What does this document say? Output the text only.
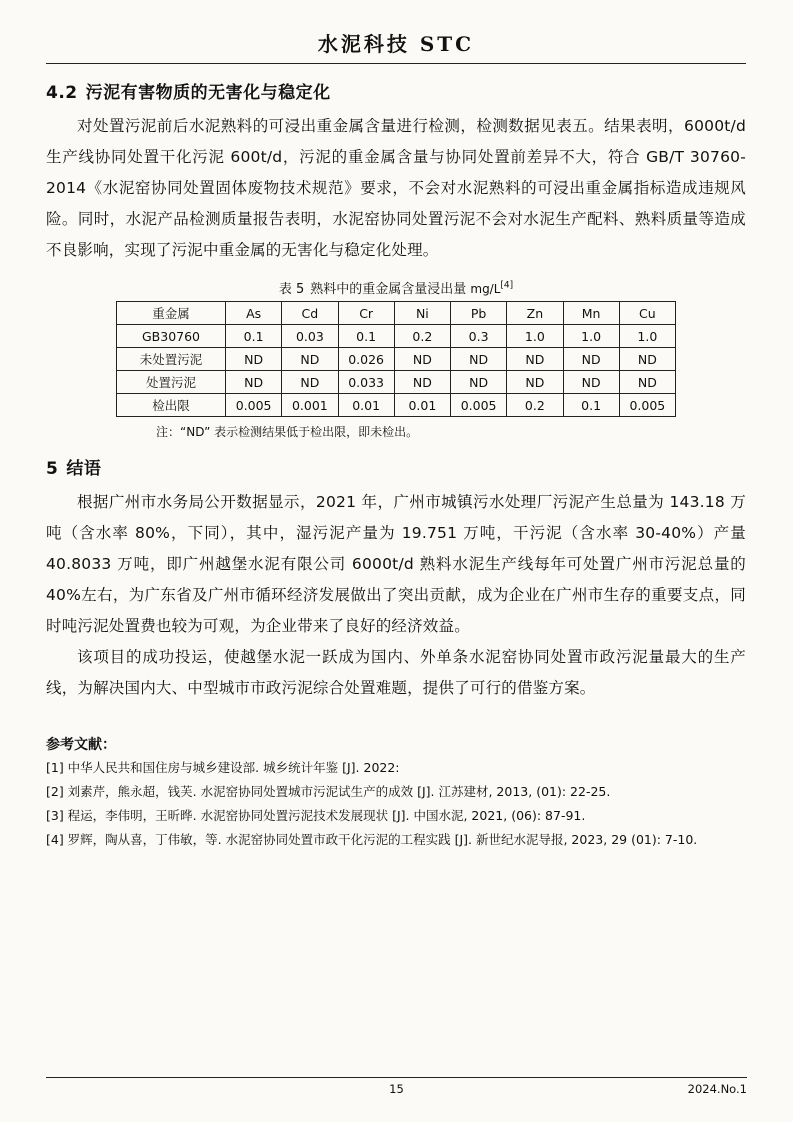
水泥科技 STC
4.2 污泥有害物质的无害化与稳定化

对处置污泥前后水泥熟料的可浸出重金属含量进行检测，检测数据见表五。结果表明，6000t/d 生产线协同处置干化污泥 600t/d，污泥的重金属含量与协同处置前差异不大，符合 GB/T 30760-2014《水泥窑协同处置固体废物技术规范》要求，不会对水泥熟料的可浸出重金属指标造成违规风险。同时，水泥产品检测质量报告表明，水泥窑协同处置污泥不会对水泥生产配料、熟料质量等造成不良影响，实现了污泥中重金属的无害化与稳定化处理。

表 5 熟料中的重金属含量浸出量 mg/L[4]
重金属	As	Cd	Cr	Ni	Pb	Zn	Mn	Cu
GB30760	0.1	0.03	0.1	0.2	0.3	1.0	1.0	1.0
未处置污泥	ND	ND	0.026	ND	ND	ND	ND	ND
处置污泥	ND	ND	0.033	ND	ND	ND	ND	ND
检出限	0.005	0.001	0.01	0.01	0.005	0.2	0.1	0.005
注：“ND” 表示检测结果低于检出限，即未检出。
5 结语

根据广州市水务局公开数据显示，2021 年，广州市城镇污水处理厂污泥产生总量为 143.18 万吨（含水率 80%，下同），其中，湿污泥产量为 19.751 万吨，干污泥（含水率 30-40%）产量 40.8033 万吨，即广州越堡水泥有限公司 6000t/d 熟料水泥生产线每年可处置广州市污泥总量的 40%左右，为广东省及广州市循环经济发展做出了突出贡献，成为企业在广州市生存的重要支点，同时吨污泥处置费也较为可观，为企业带来了良好的经济效益。

该项目的成功投运，使越堡水泥一跃成为国内、外单条水泥窑协同处置市政污泥量最大的生产线，为解决国内大、中型城市市政污泥综合处置难题，提供了可行的借鉴方案。

参考文献：
[1] 中华人民共和国住房与城乡建设部. 城乡统计年鉴 [J]. 2022:
[2] 刘素芹，熊永超，钱芙. 水泥窑协同处置城市污泥试生产的成效 [J]. 江苏建材, 2013, (01): 22-25.
[3] 程运，李伟明，王昕晔. 水泥窑协同处置污泥技术发展现状 [J]. 中国水泥, 2021, (06): 87-91.
[4] 罗辉，陶从喜，丁伟敏，等. 水泥窑协同处置市政干化污泥的工程实践 [J]. 新世纪水泥导报, 2023, 29 (01): 7-10.
15	2024.No.1
